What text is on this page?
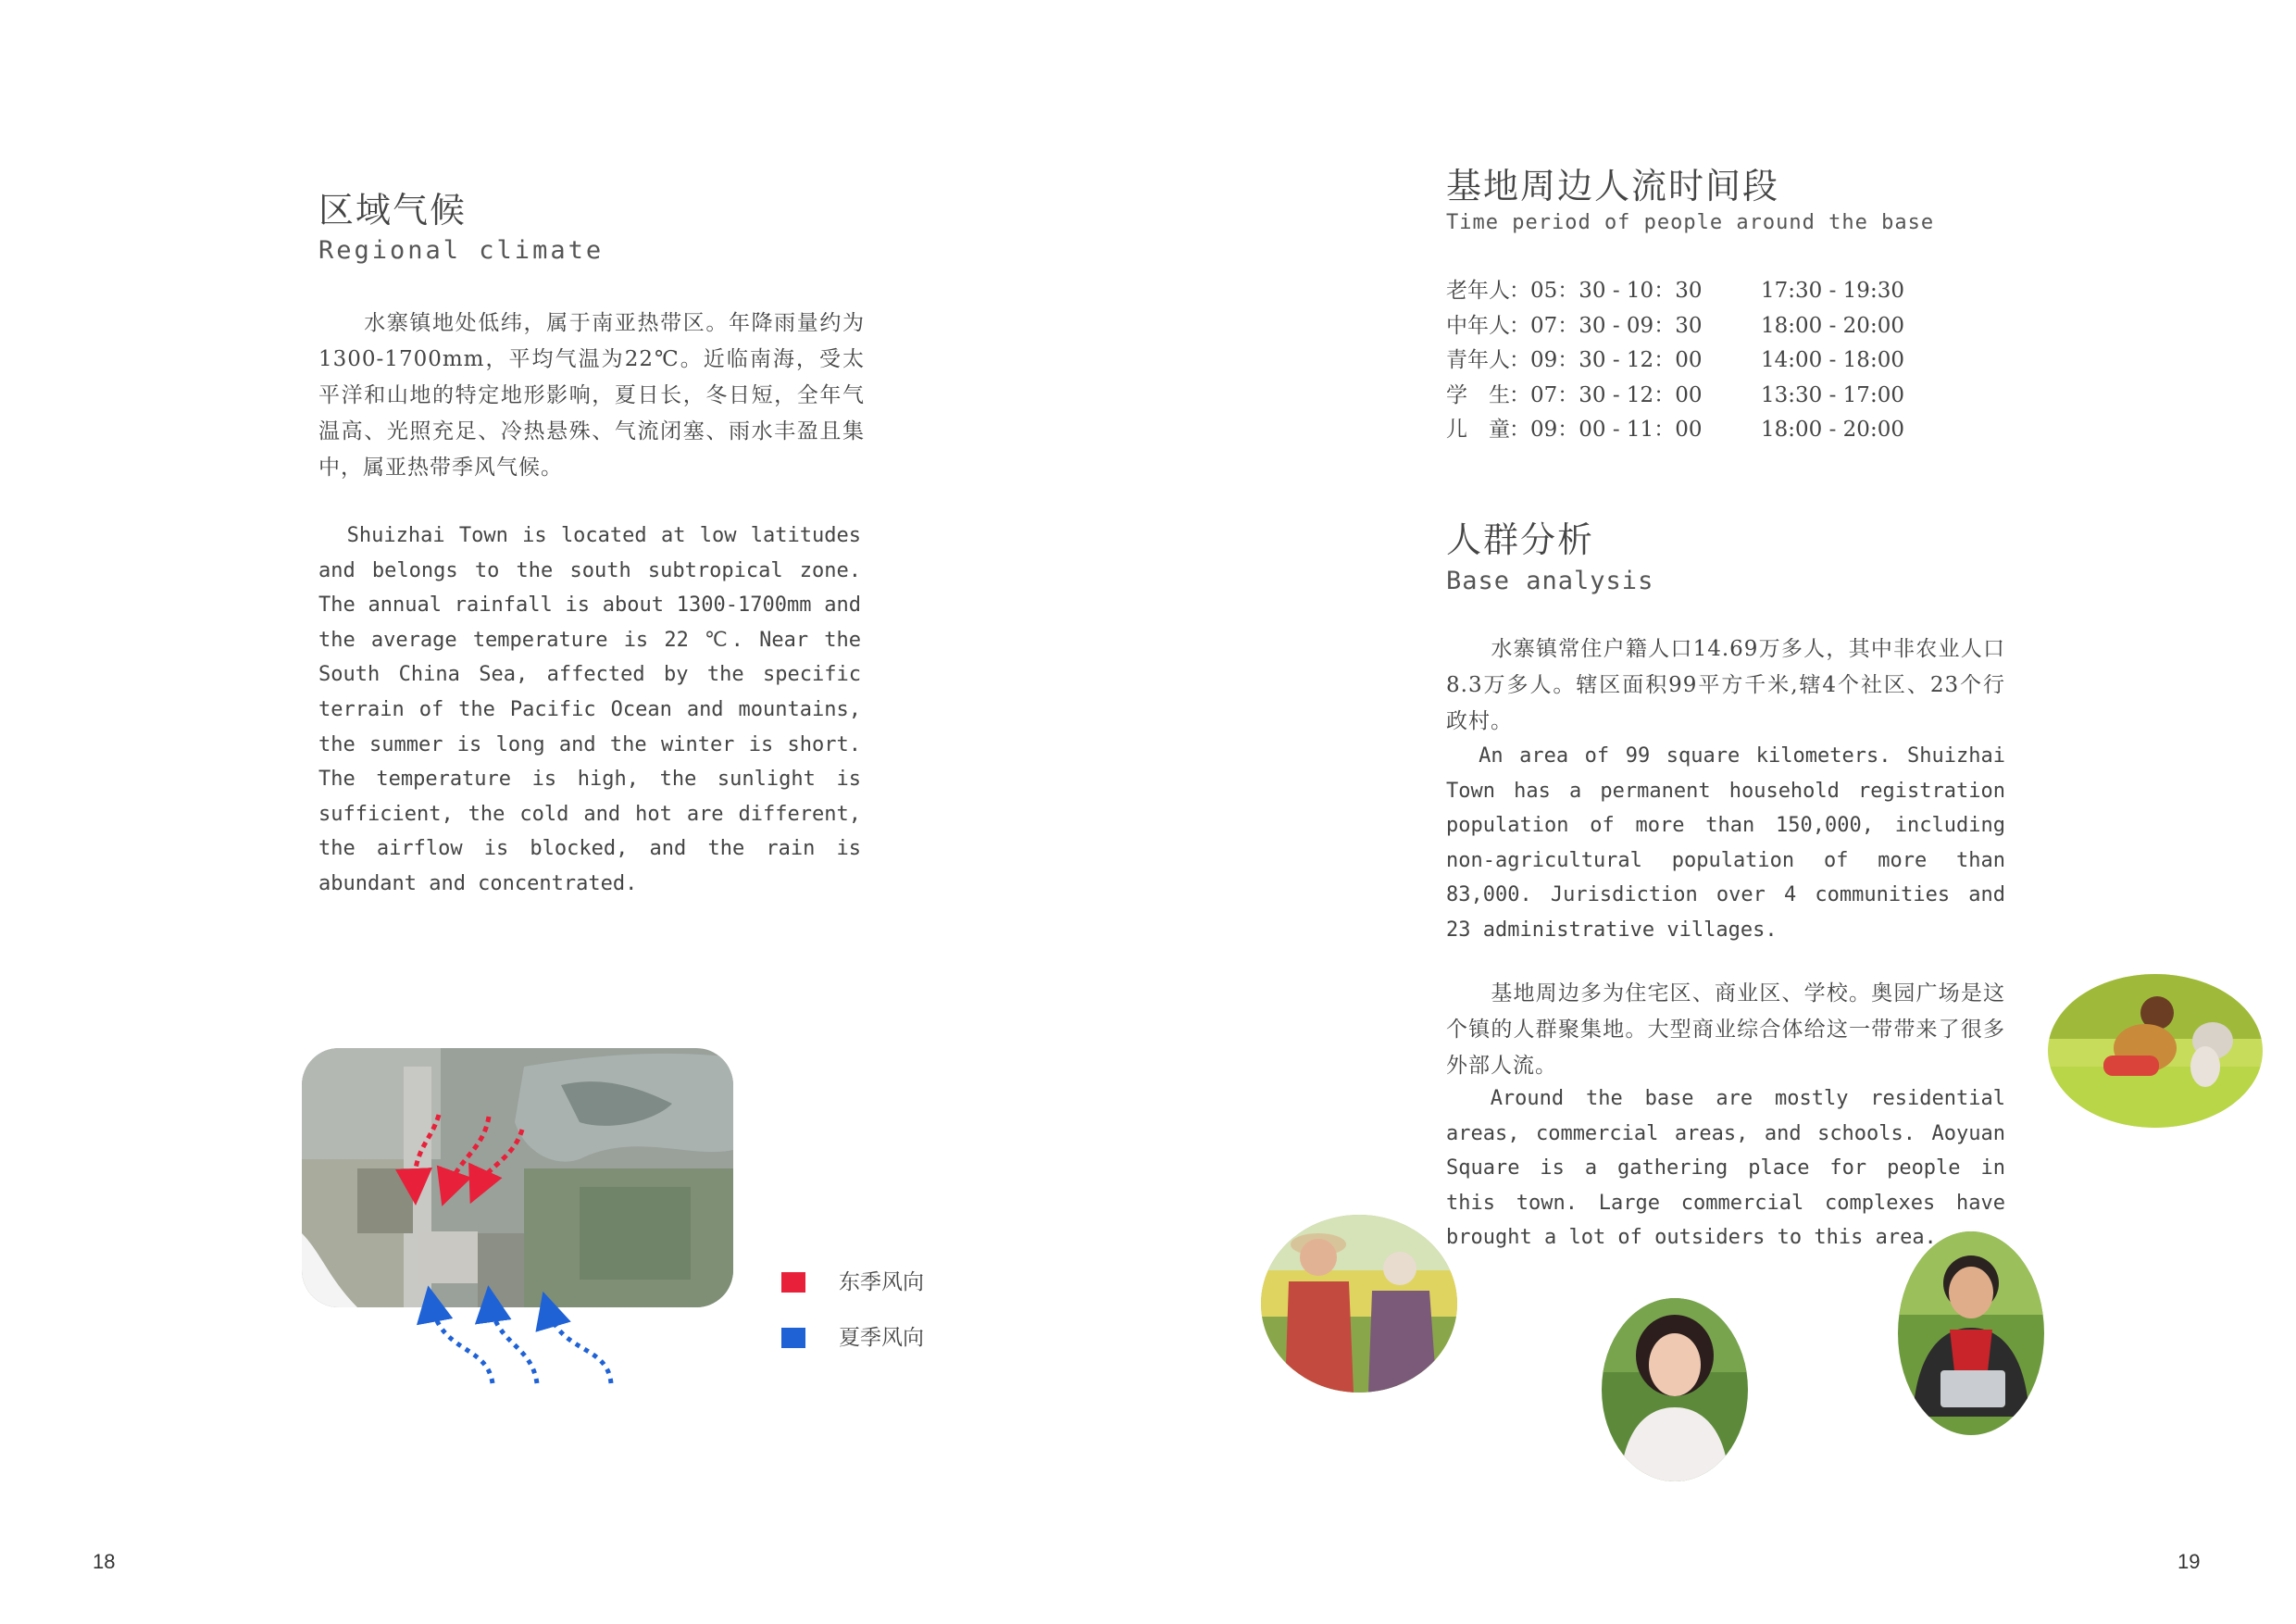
区域气候
Regional climate
　　水寨镇地处低纬，属于南亚热带区。年降雨量约为1300-1700mm，平均气温为22℃。近临南海，受太平洋和山地的特定地形影响，夏日长，冬日短，全年气温高、光照充足、冷热悬殊、气流闭塞、雨水丰盈且集中，属亚热带季风气候。
Shuizhai Town is located at low latitudes and belongs to the south subtropical zone. The annual rainfall is about 1300-1700mm and the average temperature is 22 ℃. Near the South China Sea, affected by the specific terrain of the Pacific Ocean and mountains, the summer is long and the winter is short. The temperature is high, the sunlight is sufficient, the cold and hot are different, the airflow is blocked, and the rain is abundant and concentrated.
东季风向
夏季风向
18
基地周边人流时间段
Time period of people around the base
老年人 ：05：30 - 10：30	17:30 - 19:30
中年人 ：07：30 - 09：30	18:00 - 20:00
青年人 ：09：30 - 12：00	14:00 - 18:00
学　生 ：07：30 - 12：00	13:30 - 17:00
儿　童 ：09：00 - 11：00	18:00 - 20:00
人群分析
Base analysis
　　水寨镇常住户籍人口14.69万多人，其中非农业人口8.3万多人。辖区面积99平方千米,辖4个社区、23个行政村。
An area of 99 square kilometers. Shuizhai Town has a permanent household registration population of more than 150,000, including non-agricultural population of more than 83,000. Jurisdiction over 4 communities and 23 administrative villages.
　　基地周边多为住宅区、商业区、学校。奥园广场是这个镇的人群聚集地。大型商业综合体给这一带带来了很多外部人流。
Around the base are mostly residential areas, commercial areas, and schools. Aoyuan Square is a gathering place for people in this town. Large commercial complexes have brought a lot of outsiders to this area.
19
